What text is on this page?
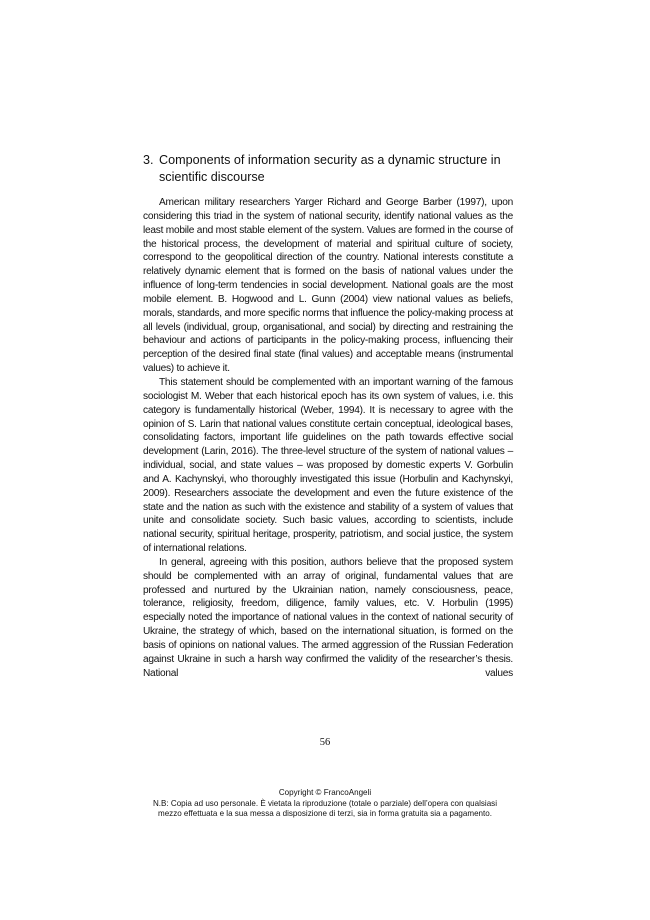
3. Components of information security as a dynamic structure in scientific discourse

American military researchers Yarger Richard and George Barber (1997), upon considering this triad in the system of national security, identify national values as the least mobile and most stable element of the system. Values are formed in the course of the historical process, the development of material and spiritual culture of society, correspond to the geopolitical direction of the country. National interests constitute a relatively dynamic element that is formed on the basis of national values under the influence of long-term tendencies in social development. National goals are the most mobile element. B. Hogwood and L. Gunn (2004) view national values as beliefs, morals, standards, and more specific norms that influence the policy-making process at all levels (individual, group, organisational, and social) by directing and restraining the behaviour and actions of participants in the policy-making process, influencing their perception of the desired final state (final values) and acceptable means (instrumental values) to achieve it.

This statement should be complemented with an important warning of the famous sociologist M. Weber that each historical epoch has its own system of values, i.e. this category is fundamentally historical (Weber, 1994). It is necessary to agree with the opinion of S. Larin that national values constitute certain conceptual, ideological bases, consolidating factors, important life guidelines on the path towards effective social development (Larin, 2016). The three-level structure of the system of national values – individual, social, and state values – was proposed by domestic experts V. Gorbulin and A. Kachynskyi, who thoroughly investigated this issue (Horbulin and Kachynskyi, 2009). Researchers associate the development and even the future existence of the state and the nation as such with the existence and stability of a system of values that unite and consolidate society. Such basic values, according to scientists, include national security, spiritual heritage, prosperity, patriotism, and social justice, the system of international relations.

In general, agreeing with this position, authors believe that the proposed system should be complemented with an array of original, fundamental values that are professed and nurtured by the Ukrainian nation, namely consciousness, peace, tolerance, religiosity, freedom, diligence, family values, etc. V. Horbulin (1995) especially noted the importance of national values in the context of national security of Ukraine, the strategy of which, based on the international situation, is formed on the basis of opinions on national values. The armed aggression of the Russian Federation against Ukraine in such a harsh way confirmed the validity of the researcher’s thesis. National values

56
Copyright © FrancoAngeli
N.B: Copia ad uso personale. È vietata la riproduzione (totale o parziale) dell’opera con qualsiasi
mezzo effettuata e la sua messa a disposizione di terzi, sia in forma gratuita sia a pagamento.
